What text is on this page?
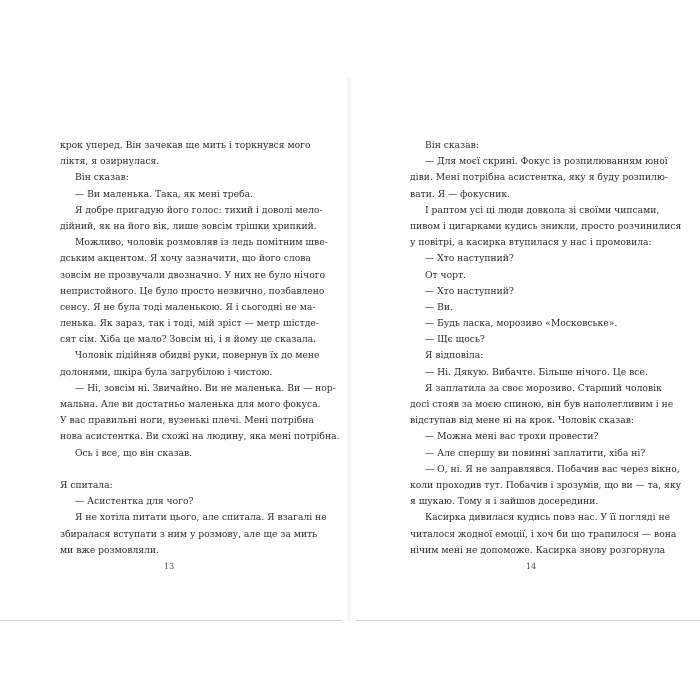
крок уперед. Він зачекав ще мить і торкнувся мого
ліктя, я озирнулася.
Він сказав:
— Ви маленька. Така, як мені треба.
Я добре пригадую його голос: тихий і доволі мело-
дійний, як на його вік, лише зовсім трішки хрипкий.
Можливо, чоловік розмовляв із ледь помітним шве-
дським акцентом. Я хочу зазначити, що його слова
зовсім не прозвучали двозначно. У них не було нічого
непристойного. Це було просто незвично, позбавлено
сенсу. Я не була тоді маленькою. Я і сьогодні не ма-
ленька. Як зараз, так і тоді, мій зріст — метр шістде-
сят сім. Хіба це мало? Зовсім ні, і я йому це сказала.
Чоловік підійняв обидві руки, повернув їх до мене
долонями, шкіра була загрубілою і чистою.
— Ні, зовсім ні. Звичайно. Ви не маленька. Ви — нор-
мальна. Але ви достатньо маленька для мого фокуса.
У вас правильні ноги, вузенькі плечі. Мені потрібна
нова асистентка. Ви схожі на людину, яка мені потрібна.
Ось і все, що він сказав.
Я спитала:
— Асистентка для чого?
Я не хотіла питати цього, але спитала. Я взагалі не
збиралася вступати з ним у розмову, але ще за мить
ми вже розмовляли.
13
Він сказав:
— Для моєї скрині. Фокус із розпилюванням юної
діви. Мені потрібна асистентка, яку я буду розпилю-
вати. Я — фокусник.
І раптом усі ці люди довкола зі своїми чипсами,
пивом і цигарками кудись зникли, просто розчинилися
у повітрі, а касирка втупилася у нас і промовила:
— Хто наступний?
От чорт.
— Хто наступний?
— Ви.
— Будь ласка, морозиво «Московське».
— Щє щось?
Я відповіла:
— Ні. Дякую. Вибачте. Більше нічого. Це все.
Я заплатила за своє морозиво. Старший чоловік
досі стояв за моєю спиною, він був наполегливим і не
відступав від мене ні на крок. Чоловік сказав:
— Можна мені вас трохи провести?
— Але спершу ви повинні заплатити, хіба ні?
— О, ні. Я не заправлявся. Побачив вас через вікно,
коли проходив тут. Побачив і зрозумів, що ви — та, яку
я шукаю. Тому я і зайшов досередини.
Касирка дивилася кудись повз нас. У її погляді не
читалося жодної емоції, і хоч би що трапилося — вона
нічим мені не допоможе. Касирка знову розгорнула
14
